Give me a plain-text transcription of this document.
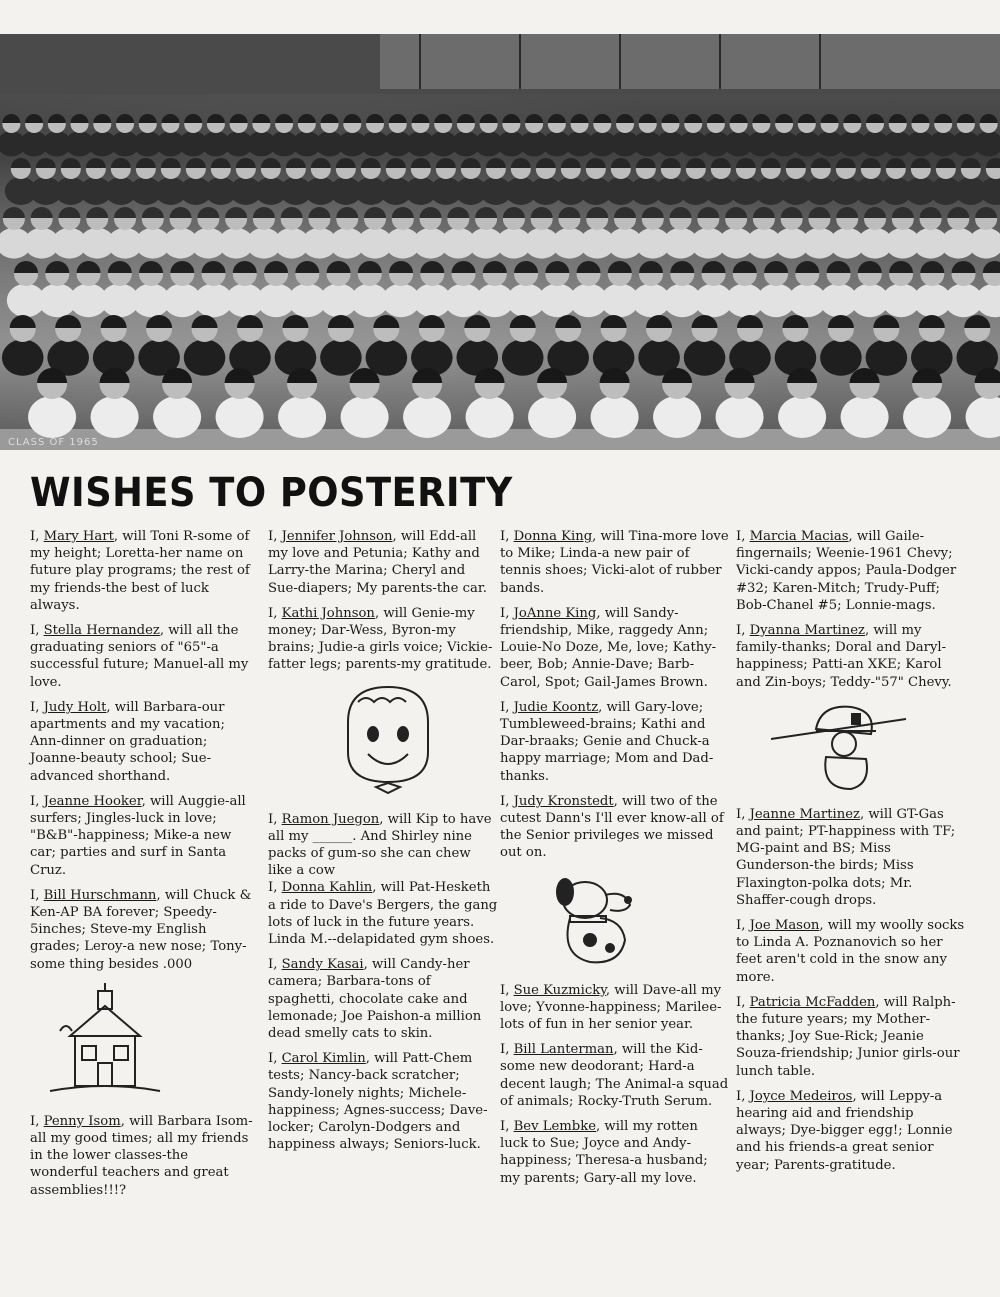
CLASS OF 1965
WISHES TO POSTERITY

I, Mary Hart, will Toni R-some of my height; Loretta-her name on future play programs; the rest of my friends-the best of luck always.

I, Stella Hernandez, will all the graduating seniors of "65"-a successful future; Manuel-all my love.

I, Judy Holt, will Barbara-our apartments and my vacation; Ann-dinner on graduation; Joanne-beauty school; Sue-advanced shorthand.

I, Jeanne Hooker, will Auggie-all surfers; Jingles-luck in love; "B&B"-happiness; Mike-a new car; parties and surf in Santa Cruz.

I, Bill Hurschmann, will Chuck & Ken-AP BA forever; Speedy-5inches; Steve-my English grades; Leroy-a new nose; Tony-some thing besides .000

I, Penny Isom, will Barbara Isom-all my good times; all my friends in the lower classes-the wonderful teachers and great assemblies!!!?

I, Jennifer Johnson, will Edd-all my love and Petunia; Kathy and Larry-the Marina; Cheryl and Sue-diapers; My parents-the car.

I, Kathi Johnson, will Genie-my money; Dar-Wess, Byron-my brains; Judie-a girls voice; Vickie-fatter legs; parents-my gratitude.

I, Ramon Juegon, will Kip to have all my ______. And Shirley nine packs of gum-so she can chew like a cow
I, Donna Kahlin, will Pat-Hesketh a ride to Dave's Bergers, the gang lots of luck in the future years. Linda M.--delapidated gym shoes.

I, Sandy Kasai, will Candy-her camera; Barbara-tons of spaghetti, chocolate cake and lemonade; Joe Paishon-a million dead smelly cats to skin.

I, Carol Kimlin, will Patt-Chem tests; Nancy-back scratcher; Sandy-lonely nights; Michele-happiness; Agnes-success; Dave-locker; Carolyn-Dodgers and happiness always; Seniors-luck.

I, Donna King, will Tina-more love to Mike; Linda-a new pair of tennis shoes; Vicki-alot of rubber bands.

I, JoAnne King, will Sandy-friendship, Mike, raggedy Ann; Louie-No Doze, Me, love; Kathy-beer, Bob; Annie-Dave; Barb-Carol, Spot; Gail-James Brown.

I, Judie Koontz, will Gary-love; Tumbleweed-brains; Kathi and Dar-braaks; Genie and Chuck-a happy marriage; Mom and Dad-thanks.

I, Judy Kronstedt, will two of the cutest Dann's I'll ever know-all of the Senior privileges we missed out on.

I, Sue Kuzmicky, will Dave-all my love; Yvonne-happiness; Marilee-lots of fun in her senior year.

I, Bill Lanterman, will the Kid-some new deodorant; Hard-a decent laugh; The Animal-a squad of animals; Rocky-Truth Serum.

I, Bev Lembke, will my rotten luck to Sue; Joyce and Andy-happiness; Theresa-a husband; my parents; Gary-all my love.

I, Marcia Macias, will Gaile-fingernails; Weenie-1961 Chevy; Vicki-candy appos; Paula-Dodger #32; Karen-Mitch; Trudy-Puff; Bob-Chanel #5; Lonnie-mags.

I, Dyanna Martinez, will my family-thanks; Doral and Daryl-happiness; Patti-an XKE; Karol and Zin-boys; Teddy-"57" Chevy.

I, Jeanne Martinez, will GT-Gas and paint; PT-happiness with TF; MG-paint and BS; Miss Gunderson-the birds; Miss Flaxington-polka dots; Mr. Shaffer-cough drops.

I, Joe Mason, will my woolly socks to Linda A. Poznanovich so her feet aren't cold in the snow any more.

I, Patricia McFadden, will Ralph-the future years; my Mother-thanks; Joy Sue-Rick; Jeanie Souza-friendship; Junior girls-our lunch table.

I, Joyce Medeiros, will Leppy-a hearing aid and friendship always; Dye-bigger egg!; Lonnie and his friends-a great senior year; Parents-gratitude.
